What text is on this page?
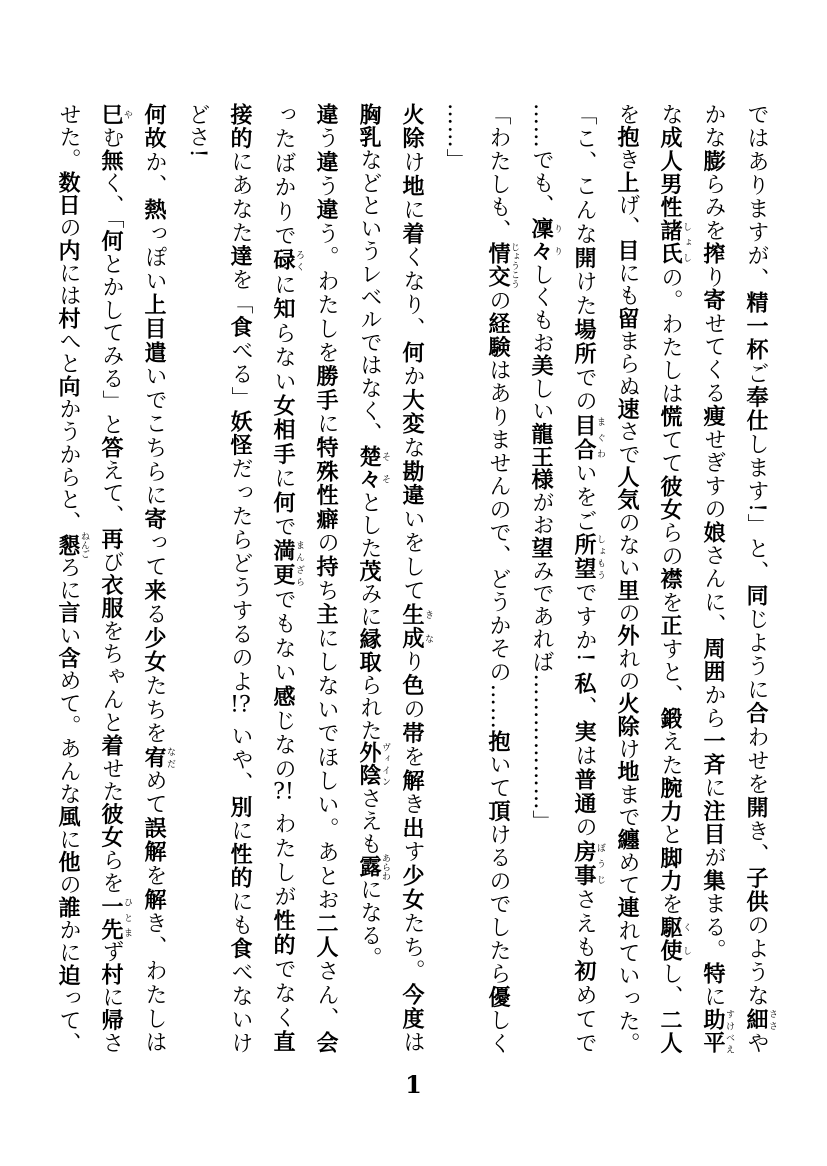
ではありますが、精一杯ご奉仕します!」と、同じように合わせを開き、子供のような細ささや
かな膨らみを搾り寄せてくる痩せぎすの娘さんに、周囲から一斉に注目が集まる。特に助平すけべえ
な成人男性諸氏しょしの。わたしは慌てて彼女らの襟を正すと、鍛えた腕力と脚力を駆使くしし、二人
を抱き上げ、目にも留まらぬ速さで人気のない里の外れの火除け地まで纏めて連れていった。
「こ、こんな開けた場所での目合まぐわいをご所望しょもうですか! 私、実は普通の房事ぼうじさえも初めてで
……でも、凜々りりしくもお美しい龍王様がお望みであれば………………」
「わたしも、情交じょうこうの経験はありませんので、どうかその……抱いて頂けるのでしたら優しく
……」
火除け地に着くなり、何か大変な勘違いをして生成きなり色の帯を解き出す少女たち。今度は
胸乳などというレベルではなく、楚々そそとした茂みに縁取られた外陰ヴィインさえも露あらわになる。
違う違う違う。わたしを勝手に特殊性癖の持ち主にしないでほしい。あとお二人さん、会
ったばかりで碌ろくに知らない女相手に何で満更まんざらでもない感じなの?! わたしが性的でなく直
接的にあなた達を「食べる」妖怪だったらどうするのよ!? いや、別に性的にも食べないけ
どさ!
何故か、熱っぽい上目遣いでこちらに寄って来る少女たちを宥なだめて誤解を解き、わたしは
巳やむ無く、「何とかしてみる」と答えて、再び衣服をちゃんと着せた彼女らを一先ひとまず村に帰さ
せた。数日の内には村へと向かうからと、懇ねんごろに言い含めて。あんな風に他の誰かに迫って、
1
